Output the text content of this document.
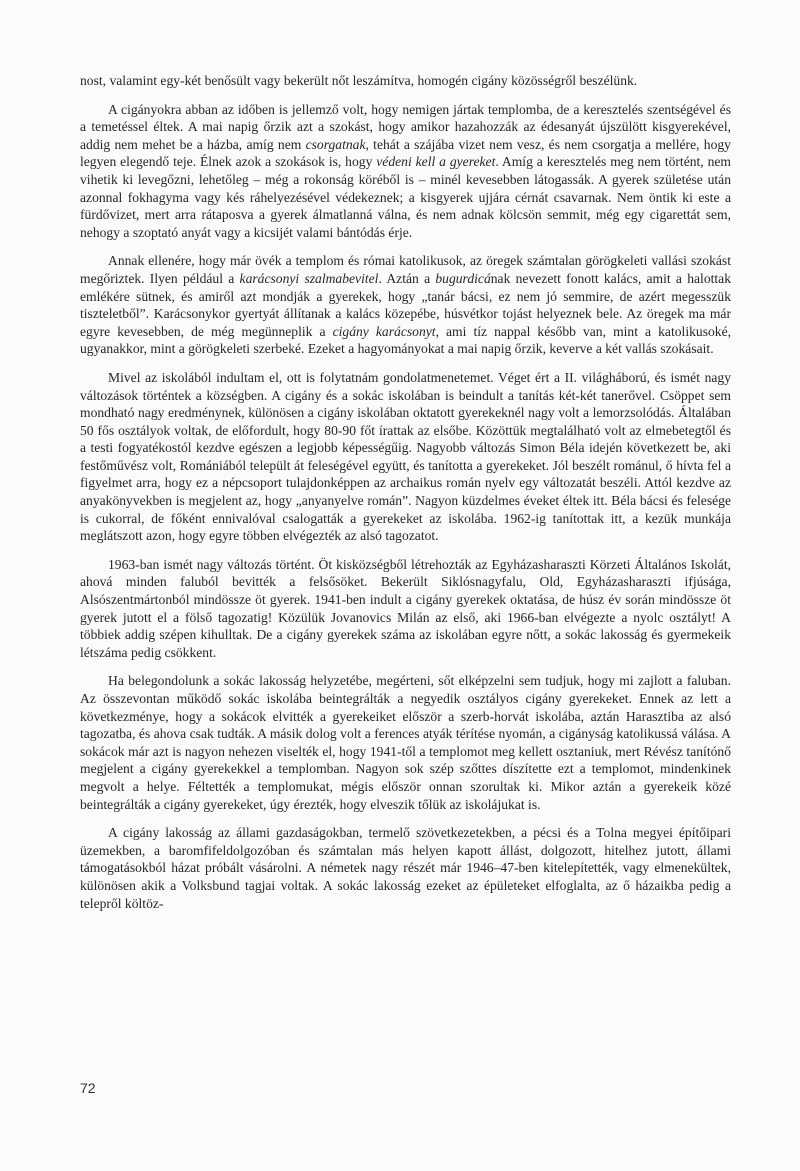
nost, valamint egy-két benősült vagy bekerült nőt leszámítva, homogén cigány közösségről beszélünk.

A cigányokra abban az időben is jellemző volt, hogy nemigen jártak templomba, de a keresztelés szentségével és a temetéssel éltek. A mai napig őrzik azt a szokást, hogy amikor hazahozzák az édesanyát újszülött kisgyerekével, addig nem mehet be a házba, amíg nem csorgatnak, tehát a szájába vizet nem vesz, és nem csorgatja a mellére, hogy legyen elegendő teje. Élnek azok a szokások is, hogy védeni kell a gyereket. Amíg a keresztelés meg nem történt, nem vihetik ki levegőzni, lehetőleg – még a rokonság köréből is – minél kevesebben látogassák. A gyerek születése után azonnal fokhagyma vagy kés ráhelyezésével védekeznek; a kisgyerek ujjára cérnát csavarnak. Nem öntik ki este a fürdővizet, mert arra rátaposva a gyerek álmatlanná válna, és nem adnak kölcsön semmit, még egy cigarettát sem, nehogy a szoptató anyát vagy a kicsijét valami bántódás érje.

Annak ellenére, hogy már övék a templom és római katolikusok, az öregek számtalan görögkeleti vallási szokást megőriztek. Ilyen például a karácsonyi szalmabevitel. Aztán a bugurdicának nevezett fonott kalács, amit a halottak emlékére sütnek, és amiről azt mondják a gyerekek, hogy „tanár bácsi, ez nem jó semmire, de azért megesszük tiszteletből”. Karácsonykor gyertyát állítanak a kalács közepébe, húsvétkor tojást helyeznek bele. Az öregek ma már egyre kevesebben, de még megünneplik a cigány karácsonyt, ami tíz nappal később van, mint a katolikusoké, ugyanakkor, mint a görögkeleti szerbeké. Ezeket a hagyományokat a mai napig őrzik, keverve a két vallás szokásait.

Mivel az iskolából indultam el, ott is folytatnám gondolatmenetemet. Véget ért a II. világháború, és ismét nagy változások történtek a községben. A cigány és a sokác iskolában is beindult a tanítás két-két tanerővel. Csöppet sem mondható nagy eredménynek, különösen a cigány iskolában oktatott gyerekeknél nagy volt a lemorzsolódás. Általában 50 fős osztályok voltak, de előfordult, hogy 80-90 főt írattak az elsőbe. Közöttük megtalálható volt az elmebetegtől és a testi fogyatékostól kezdve egészen a legjobb képességűig. Nagyobb változás Simon Béla idején következett be, aki festőművész volt, Romániából települt át feleségével együtt, és tanította a gyerekeket. Jól beszélt románul, ő hívta fel a figyelmet arra, hogy ez a népcsoport tulajdonképpen az archaikus román nyelv egy változatát beszéli. Attól kezdve az anyakönyvekben is megjelent az, hogy „anyanyelve román”. Nagyon küzdelmes éveket éltek itt. Béla bácsi és felesége is cukorral, de főként ennivalóval csalogatták a gyerekeket az iskolába. 1962-ig tanítottak itt, a kezük munkája meglátszott azon, hogy egyre többen elvégezték az alsó tagozatot.

1963-ban ismét nagy változás történt. Öt kisközségből létrehozták az Egyházasharaszti Körzeti Általános Iskolát, ahová minden faluból bevitték a felsősöket. Bekerült Siklósnagyfalu, Old, Egyházasharaszti ifjúsága, Alsószentmártonból mindössze öt gyerek. 1941-ben indult a cigány gyerekek oktatása, de húsz év során mindössze öt gyerek jutott el a fölső tagozatig! Közülük Jovanovics Milán az első, aki 1966-ban elvégezte a nyolc osztályt! A többiek addig szépen kihulltak. De a cigány gyerekek száma az iskolában egyre nőtt, a sokác lakosság és gyermekeik létszáma pedig csökkent.

Ha belegondolunk a sokác lakosság helyzetébe, megérteni, sőt elképzelni sem tudjuk, hogy mi zajlott a faluban. Az összevontan működő sokác iskolába beintegrálták a negyedik osztályos cigány gyerekeket. Ennek az lett a következménye, hogy a sokácok elvitték a gyerekeiket először a szerb-horvát iskolába, aztán Harasztiba az alsó tagozatba, és ahova csak tudták. A másik dolog volt a ferences atyák térítése nyomán, a cigányság katolikussá válása. A sokácok már azt is nagyon nehezen viselték el, hogy 1941-től a templomot meg kellett osztaniuk, mert Révész tanítónő megjelent a cigány gyerekekkel a templomban. Nagyon sok szép szőttes díszítette ezt a templomot, mindenkinek megvolt a helye. Féltették a templomukat, mégis először onnan szorultak ki. Mikor aztán a gyerekeik közé beintegrálták a cigány gyerekeket, úgy érezték, hogy elveszik tőlük az iskolájukat is.

A cigány lakosság az állami gazdaságokban, termelő szövetkezetekben, a pécsi és a Tolna megyei építőipari üzemekben, a baromfifeldolgozóban és számtalan más helyen kapott állást, dolgozott, hitelhez jutott, állami támogatásokból házat próbált vásárolni. A németek nagy részét már 1946–47-ben kitelepítették, vagy elmenekültek, különösen akik a Volksbund tagjai voltak. A sokác lakosság ezeket az épületeket elfoglalta, az ő házaikba pedig a telepről költöz-

72
